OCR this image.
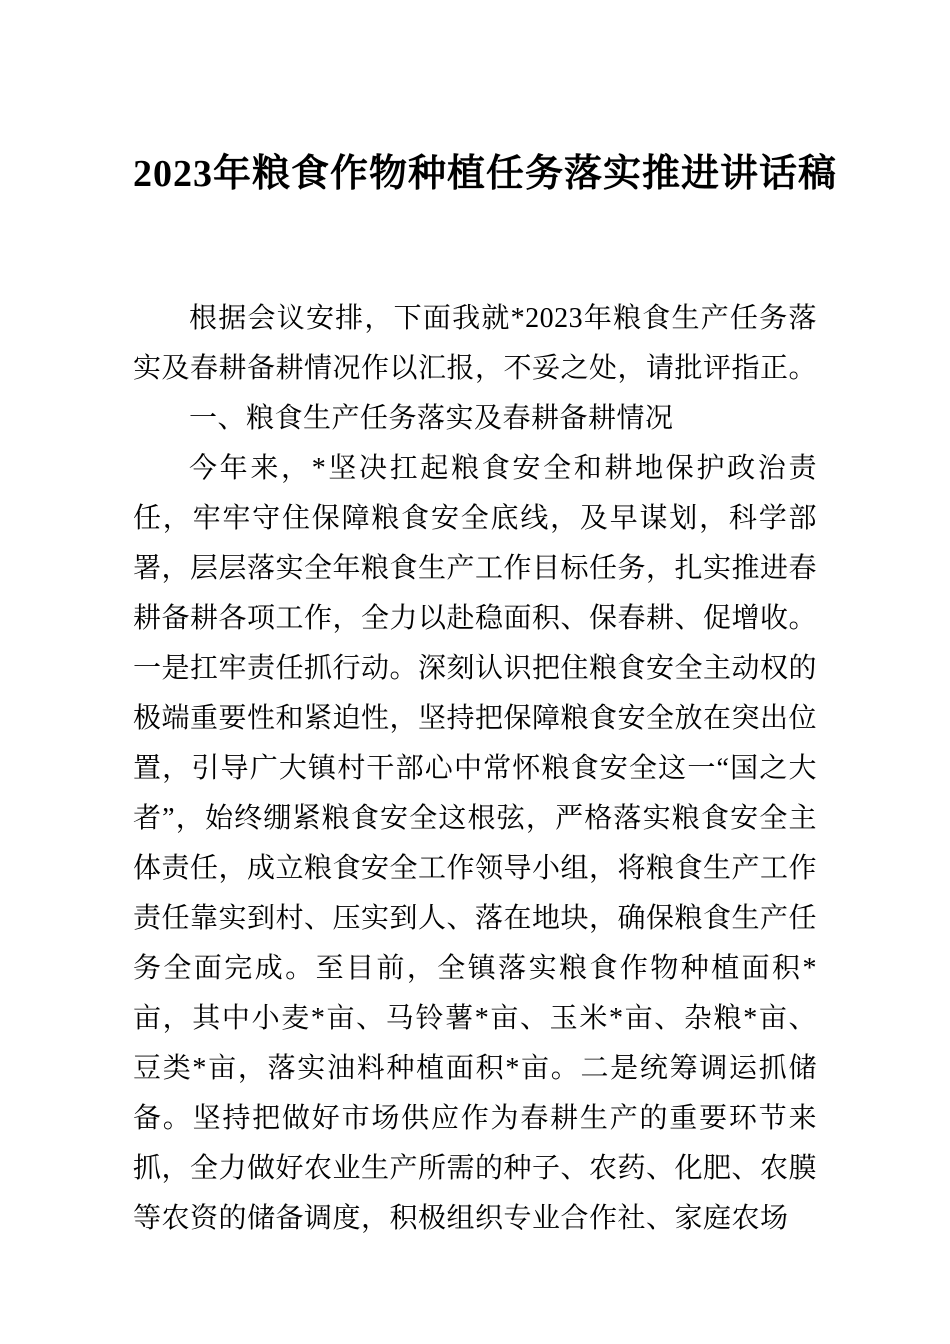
2023年粮食作物种植任务落实推进讲话稿

根据会议安排，下面我就*2023年粮食生产任务落实及春耕备耕情况作以汇报，不妥之处，请批评指正。

一、粮食生产任务落实及春耕备耕情况

今年来，*坚决扛起粮食安全和耕地保护政治责任，牢牢守住保障粮食安全底线，及早谋划，科学部署，层层落实全年粮食生产工作目标任务，扎实推进春耕备耕各项工作，全力以赴稳面积、保春耕、促增收。一是扛牢责任抓行动。深刻认识把住粮食安全主动权的极端重要性和紧迫性，坚持把保障粮食安全放在突出位置，引导广大镇村干部心中常怀粮食安全这一“国之大者”，始终绷紧粮食安全这根弦，严格落实粮食安全主体责任，成立粮食安全工作领导小组，将粮食生产工作责任靠实到村、压实到人、落在地块，确保粮食生产任务全面完成。至目前，全镇落实粮食作物种植面积*亩，其中小麦*亩、马铃薯*亩、玉米*亩、杂粮*亩、豆类*亩，落实油料种植面积*亩。二是统筹调运抓储备。坚持把做好市场供应作为春耕生产的重要环节来抓，全力做好农业生产所需的种子、农药、化肥、农膜等农资的储备调度，积极组织专业合作社、家庭农场
